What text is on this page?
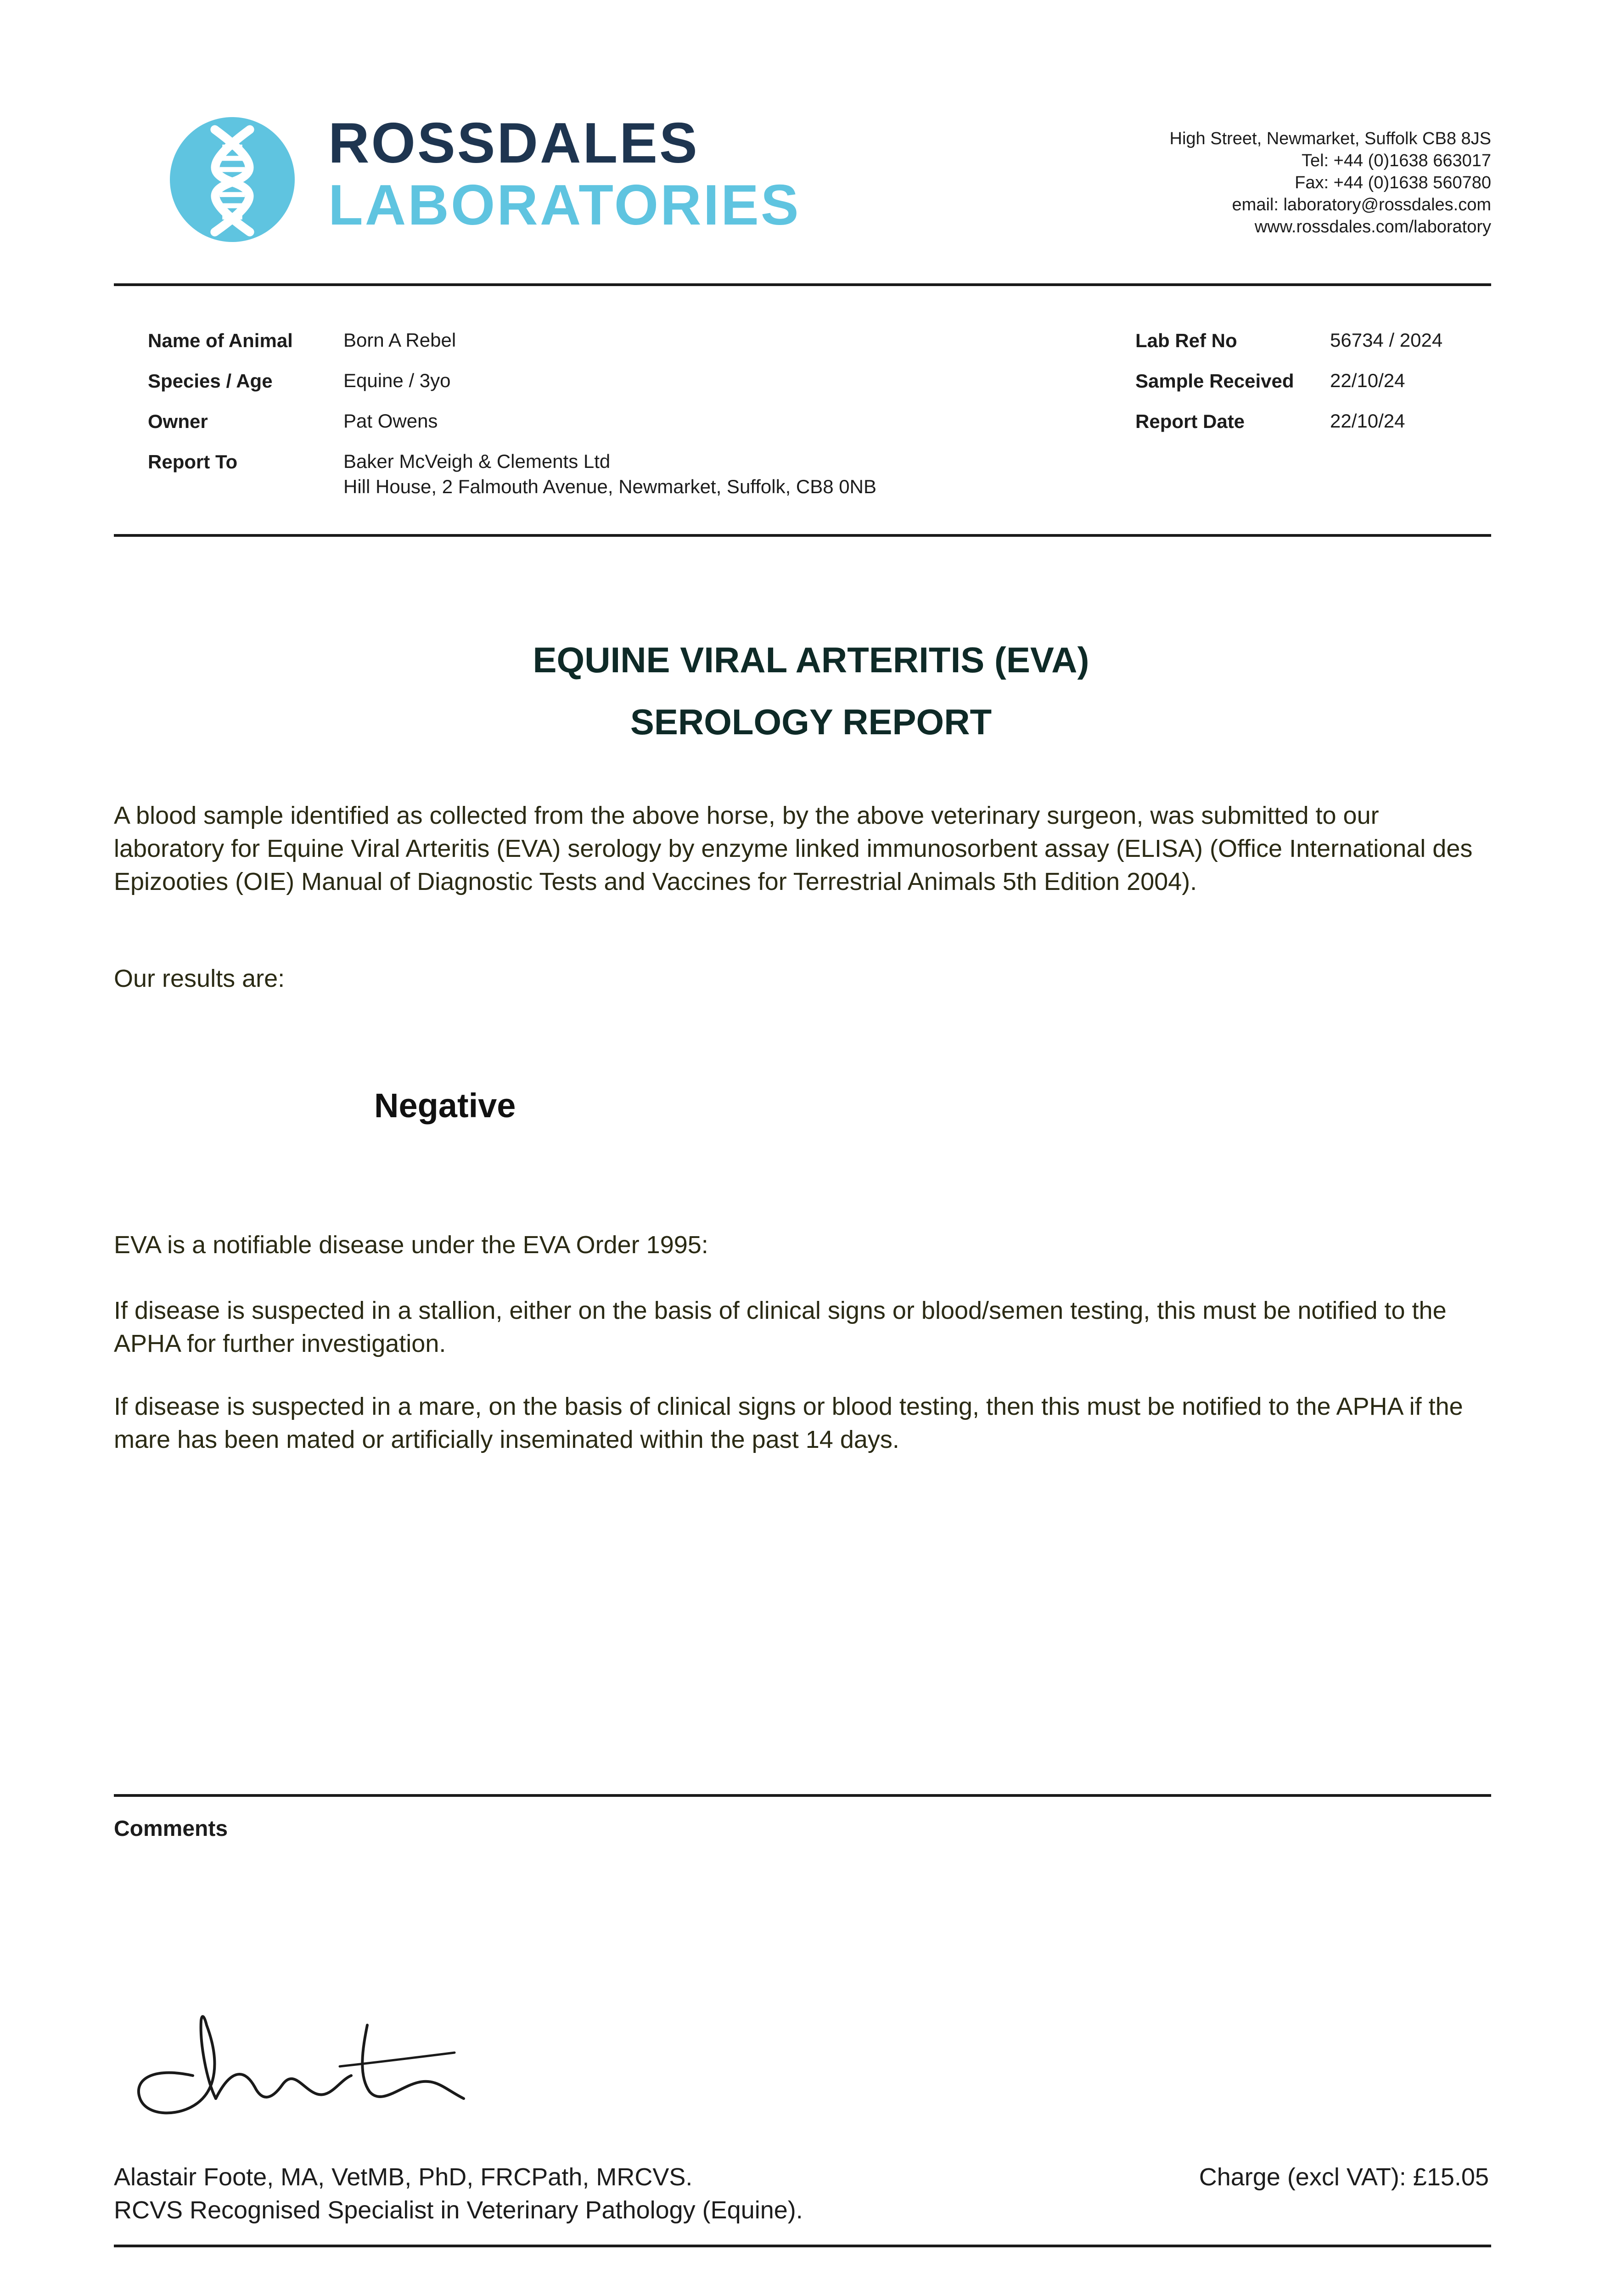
ROSSDALES
LABORATORIES
High Street, Newmarket, Suffolk CB8 8JS
Tel: +44 (0)1638 663017
Fax: +44 (0)1638 560780
email: laboratory@rossdales.com
www.rossdales.com/laboratory
Name of Animal	Born A Rebel
Species / Age	Equine / 3yo
Owner	Pat Owens
Report To	Baker McVeigh & Clements Ltd
Hill House, 2 Falmouth Avenue, Newmarket, Suffolk, CB8 0NB
Lab Ref No	56734 / 2024
Sample Received 22/10/24
Report Date	22/10/24
EQUINE VIRAL ARTERITIS (EVA)
SEROLOGY REPORT
A blood sample identified as collected from the above horse, by the above veterinary surgeon, was submitted to our laboratory for Equine Viral Arteritis (EVA) serology by enzyme linked immunosorbent assay (ELISA) (Office International des Epizooties (OIE) Manual of Diagnostic Tests and Vaccines for Terrestrial Animals 5th Edition 2004).
Our results are:
Negative
EVA is a notifiable disease under the EVA Order 1995:
If disease is suspected in a stallion, either on the basis of clinical signs or blood/semen testing, this must be notified to the APHA for further investigation.
If disease is suspected in a mare, on the basis of clinical signs or blood testing, then this must be notified to the APHA if the mare has been mated or artificially inseminated within the past 14 days.
Comments
Alastair Foote, MA, VetMB, PhD, FRCPath, MRCVS.
RCVS Recognised Specialist in Veterinary Pathology (Equine).
Charge (excl VAT): £15.05
